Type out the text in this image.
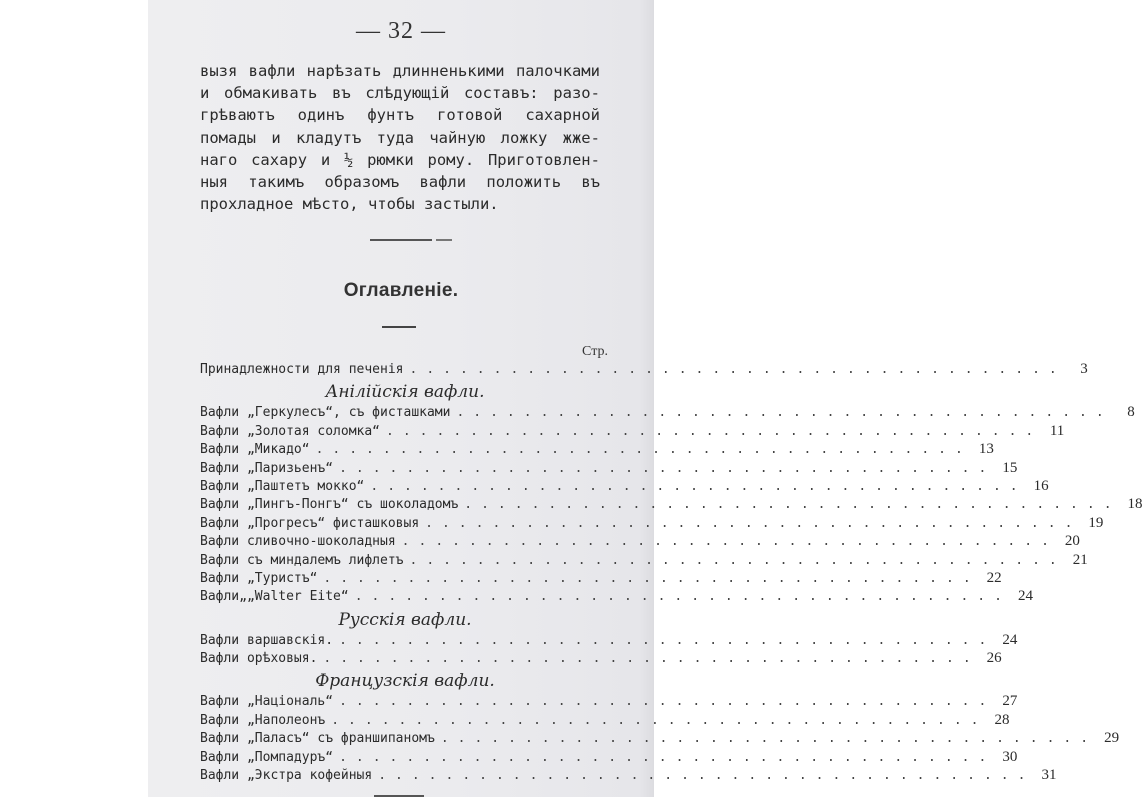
— 32 —
вызя вафли нарѣзать длинненькими палочками
и обмакивать въ слѣдующій составъ: разо-
грѣваютъ одинъ фунтъ готовой сахарной
помады и кладутъ туда чайную ложку жже-
наго сахару и ½ рюмки рому. Приготовлен-
ныя такимъ образомъ вафли положить въ
прохладное мѣсто, чтобы застыли.
Оглавленіе.
Стр.
Принадлежности для печенія ....................................... 3
Анілійскія вафли.
Вафли „Геркулесъ“, съ фисташками ....................................... 8
Вафли „Золотая соломка“ ....................................... 11
Вафли „Микадо“ ....................................... 13
Вафли „Паризьенъ“ ....................................... 15
Вафли „Паштетъ мокко“ ....................................... 16
Вафли „Пингъ-Понгъ“ съ шоколадомъ ....................................... 18
Вафли „Прогресъ“ фисташковыя ....................................... 19
Вафли сливочно-шоколадныя ....................................... 20
Вафли съ миндалемъ лифлетъ ....................................... 21
Вафли „Туристъ“ ....................................... 22
Вафли„„Walter Eite“ ....................................... 24
Русскія вафли.
Вафли варшавскія. ....................................... 24
Вафли орѣховыя. ....................................... 26
Французскія вафли.
Вафли „Національ“ ....................................... 27
Вафли „Наполеонъ ....................................... 28
Вафли „Паласъ“ съ франшипаномъ ....................................... 29
Вафли „Помпадуръ“ ....................................... 30
Вафли „Экстра кофейныя ....................................... 31
